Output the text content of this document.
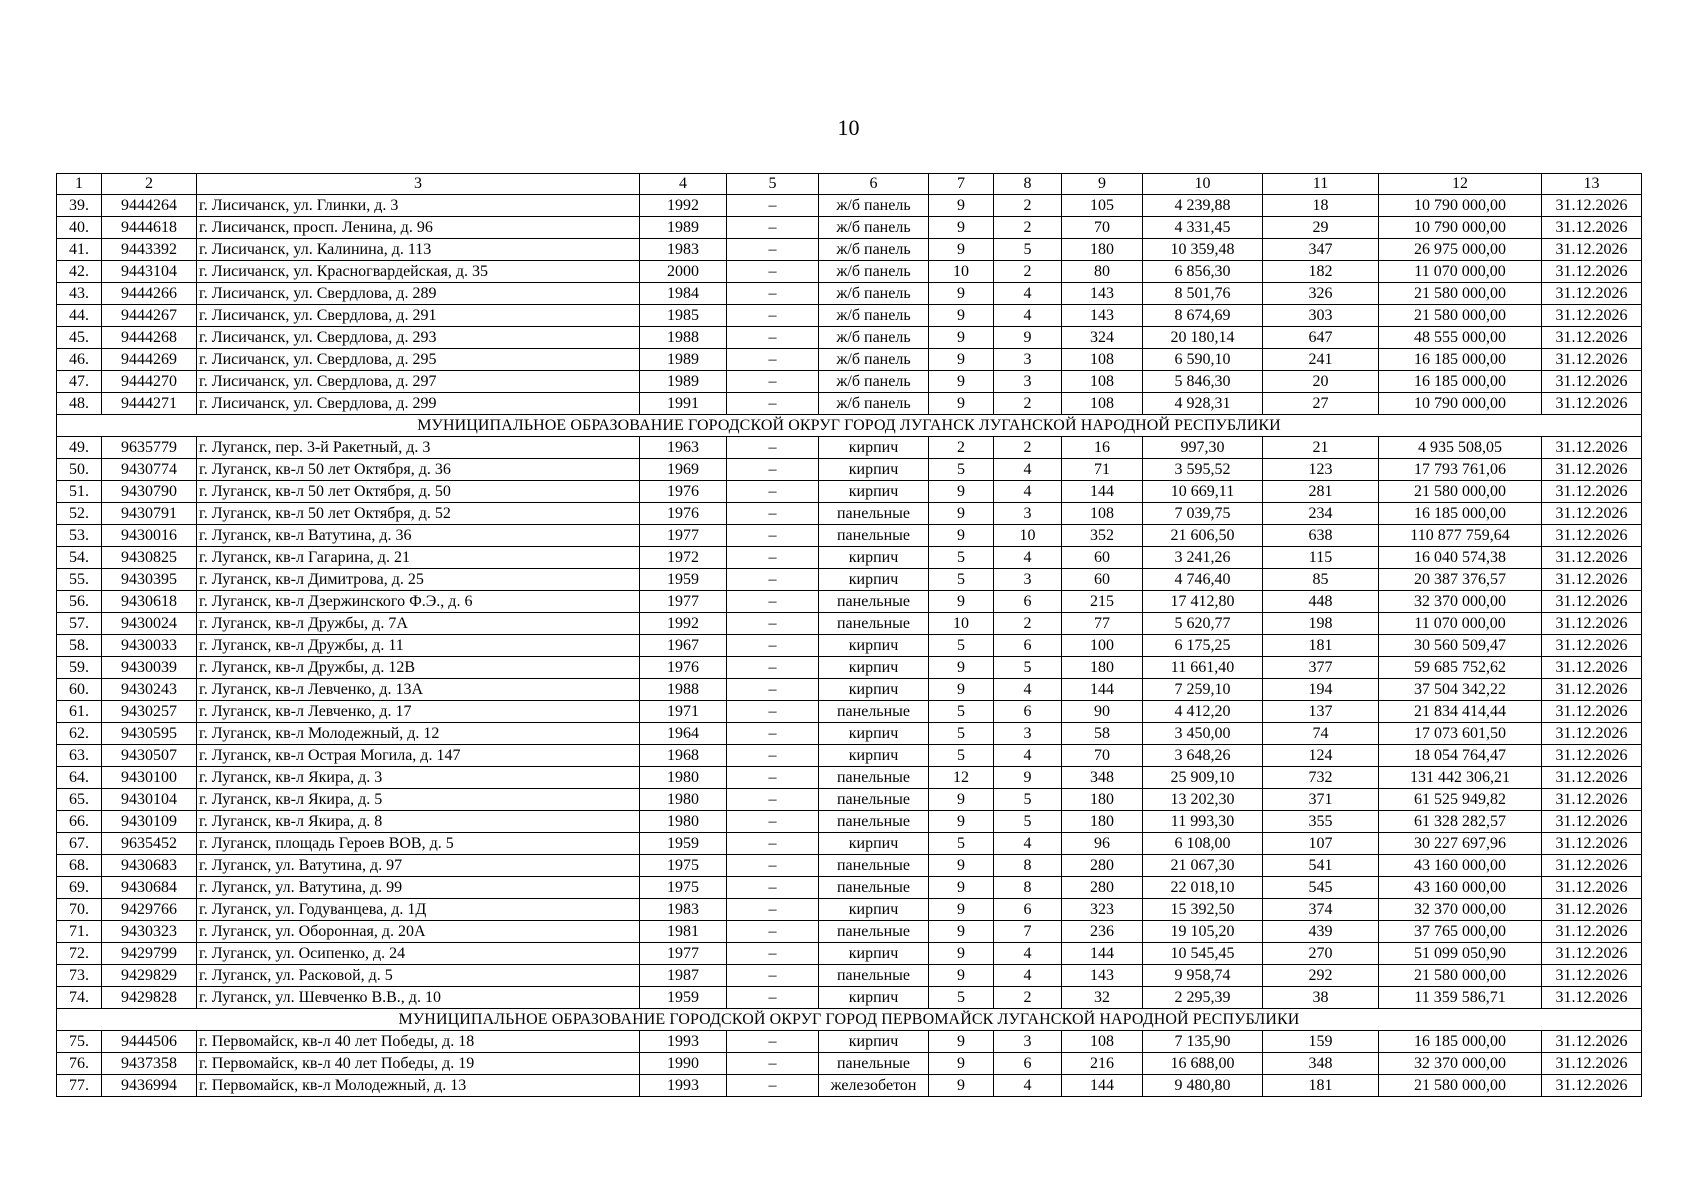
10
1	2	3	4	5	6	7	8	9	10	11	12	13
39.	9444264	г. Лисичанск, ул. Глинки, д. 3	1992	–	ж/б панель	9	2	105	4 239,88	18	10 790 000,00	31.12.2026
40.	9444618	г. Лисичанск, просп. Ленина, д. 96	1989	–	ж/б панель	9	2	70	4 331,45	29	10 790 000,00	31.12.2026
41.	9443392	г. Лисичанск, ул. Калинина, д. 113	1983	–	ж/б панель	9	5	180	10 359,48	347	26 975 000,00	31.12.2026
42.	9443104	г. Лисичанск, ул. Красногвардейская, д. 35	2000	–	ж/б панель	10	2	80	6 856,30	182	11 070 000,00	31.12.2026
43.	9444266	г. Лисичанск, ул. Свердлова, д. 289	1984	–	ж/б панель	9	4	143	8 501,76	326	21 580 000,00	31.12.2026
44.	9444267	г. Лисичанск, ул. Свердлова, д. 291	1985	–	ж/б панель	9	4	143	8 674,69	303	21 580 000,00	31.12.2026
45.	9444268	г. Лисичанск, ул. Свердлова, д. 293	1988	–	ж/б панель	9	9	324	20 180,14	647	48 555 000,00	31.12.2026
46.	9444269	г. Лисичанск, ул. Свердлова, д. 295	1989	–	ж/б панель	9	3	108	6 590,10	241	16 185 000,00	31.12.2026
47.	9444270	г. Лисичанск, ул. Свердлова, д. 297	1989	–	ж/б панель	9	3	108	5 846,30	20	16 185 000,00	31.12.2026
48.	9444271	г. Лисичанск, ул. Свердлова, д. 299	1991	–	ж/б панель	9	2	108	4 928,31	27	10 790 000,00	31.12.2026
МУНИЦИПАЛЬНОЕ ОБРАЗОВАНИЕ ГОРОДСКОЙ ОКРУГ ГОРОД ЛУГАНСК ЛУГАНСКОЙ НАРОДНОЙ РЕСПУБЛИКИ												
49.	9635779	г. Луганск, пер. 3-й Ракетный, д. 3	1963	–	кирпич	2	2	16	997,30	21	4 935 508,05	31.12.2026
50.	9430774	г. Луганск, кв-л 50 лет Октября, д. 36	1969	–	кирпич	5	4	71	3 595,52	123	17 793 761,06	31.12.2026
51.	9430790	г. Луганск, кв-л 50 лет Октября, д. 50	1976	–	кирпич	9	4	144	10 669,11	281	21 580 000,00	31.12.2026
52.	9430791	г. Луганск, кв-л 50 лет Октября, д. 52	1976	–	панельные	9	3	108	7 039,75	234	16 185 000,00	31.12.2026
53.	9430016	г. Луганск, кв-л Ватутина, д. 36	1977	–	панельные	9	10	352	21 606,50	638	110 877 759,64	31.12.2026
54.	9430825	г. Луганск, кв-л Гагарина, д. 21	1972	–	кирпич	5	4	60	3 241,26	115	16 040 574,38	31.12.2026
55.	9430395	г. Луганск, кв-л Димитрова, д. 25	1959	–	кирпич	5	3	60	4 746,40	85	20 387 376,57	31.12.2026
56.	9430618	г. Луганск, кв-л Дзержинского Ф.Э., д. 6	1977	–	панельные	9	6	215	17 412,80	448	32 370 000,00	31.12.2026
57.	9430024	г. Луганск, кв-л Дружбы, д. 7А	1992	–	панельные	10	2	77	5 620,77	198	11 070 000,00	31.12.2026
58.	9430033	г. Луганск, кв-л Дружбы, д. 11	1967	–	кирпич	5	6	100	6 175,25	181	30 560 509,47	31.12.2026
59.	9430039	г. Луганск, кв-л Дружбы, д. 12В	1976	–	кирпич	9	5	180	11 661,40	377	59 685 752,62	31.12.2026
60.	9430243	г. Луганск, кв-л Левченко, д. 13А	1988	–	кирпич	9	4	144	7 259,10	194	37 504 342,22	31.12.2026
61.	9430257	г. Луганск, кв-л Левченко, д. 17	1971	–	панельные	5	6	90	4 412,20	137	21 834 414,44	31.12.2026
62.	9430595	г. Луганск, кв-л Молодежный, д. 12	1964	–	кирпич	5	3	58	3 450,00	74	17 073 601,50	31.12.2026
63.	9430507	г. Луганск, кв-л Острая Могила, д. 147	1968	–	кирпич	5	4	70	3 648,26	124	18 054 764,47	31.12.2026
64.	9430100	г. Луганск, кв-л Якира, д. 3	1980	–	панельные	12	9	348	25 909,10	732	131 442 306,21	31.12.2026
65.	9430104	г. Луганск, кв-л Якира, д. 5	1980	–	панельные	9	5	180	13 202,30	371	61 525 949,82	31.12.2026
66.	9430109	г. Луганск, кв-л Якира, д. 8	1980	–	панельные	9	5	180	11 993,30	355	61 328 282,57	31.12.2026
67.	9635452	г. Луганск, площадь Героев ВОВ, д. 5	1959	–	кирпич	5	4	96	6 108,00	107	30 227 697,96	31.12.2026
68.	9430683	г. Луганск, ул. Ватутина, д. 97	1975	–	панельные	9	8	280	21 067,30	541	43 160 000,00	31.12.2026
69.	9430684	г. Луганск, ул. Ватутина, д. 99	1975	–	панельные	9	8	280	22 018,10	545	43 160 000,00	31.12.2026
70.	9429766	г. Луганск, ул. Годуванцева, д. 1Д	1983	–	кирпич	9	6	323	15 392,50	374	32 370 000,00	31.12.2026
71.	9430323	г. Луганск, ул. Оборонная, д. 20А	1981	–	панельные	9	7	236	19 105,20	439	37 765 000,00	31.12.2026
72.	9429799	г. Луганск, ул. Осипенко, д. 24	1977	–	кирпич	9	4	144	10 545,45	270	51 099 050,90	31.12.2026
73.	9429829	г. Луганск, ул. Расковой, д. 5	1987	–	панельные	9	4	143	9 958,74	292	21 580 000,00	31.12.2026
74.	9429828	г. Луганск, ул. Шевченко В.В., д. 10	1959	–	кирпич	5	2	32	2 295,39	38	11 359 586,71	31.12.2026
МУНИЦИПАЛЬНОЕ ОБРАЗОВАНИЕ ГОРОДСКОЙ ОКРУГ ГОРОД ПЕРВОМАЙСК ЛУГАНСКОЙ НАРОДНОЙ РЕСПУБЛИКИ												
75.	9444506	г. Первомайск, кв-л 40 лет Победы, д. 18	1993	–	кирпич	9	3	108	7 135,90	159	16 185 000,00	31.12.2026
76.	9437358	г. Первомайск, кв-л 40 лет Победы, д. 19	1990	–	панельные	9	6	216	16 688,00	348	32 370 000,00	31.12.2026
77.	9436994	г. Первомайск, кв-л Молодежный, д. 13	1993	–	железобетон	9	4	144	9 480,80	181	21 580 000,00	31.12.2026
